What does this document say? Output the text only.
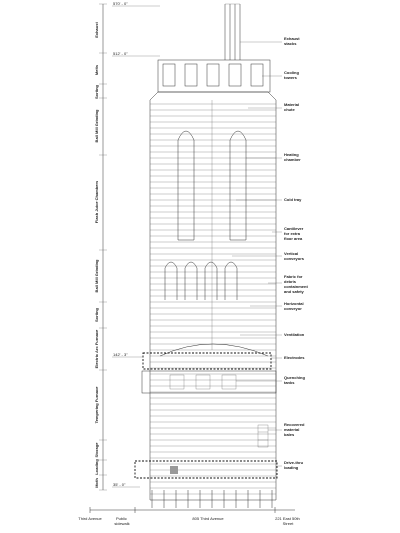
Exhaust
Melts
Sorting
Ball Mill Grinding
Flash Juice Chambers
Ball Mill Grinding
Sorting
Electric Arc Furnace
Tempering Furnace
Storage
Loading
Moth
570' - 0"
512' - 0"
142' - 3"
35' - 0"
Exhaust stacks
Cooling towers
Material chute
Heating chamber
Cold tray
Cantilever for extra floor area
Vertical conveyors
Fabric for debris containment and safety
Horizontal conveyor
Ventilation
Electrodes
Quenching tanks
Recovered material bales
Drive-thru loading
Third Avenue	Public sidewalk
805 Third Avenue	221 East 50th Street
